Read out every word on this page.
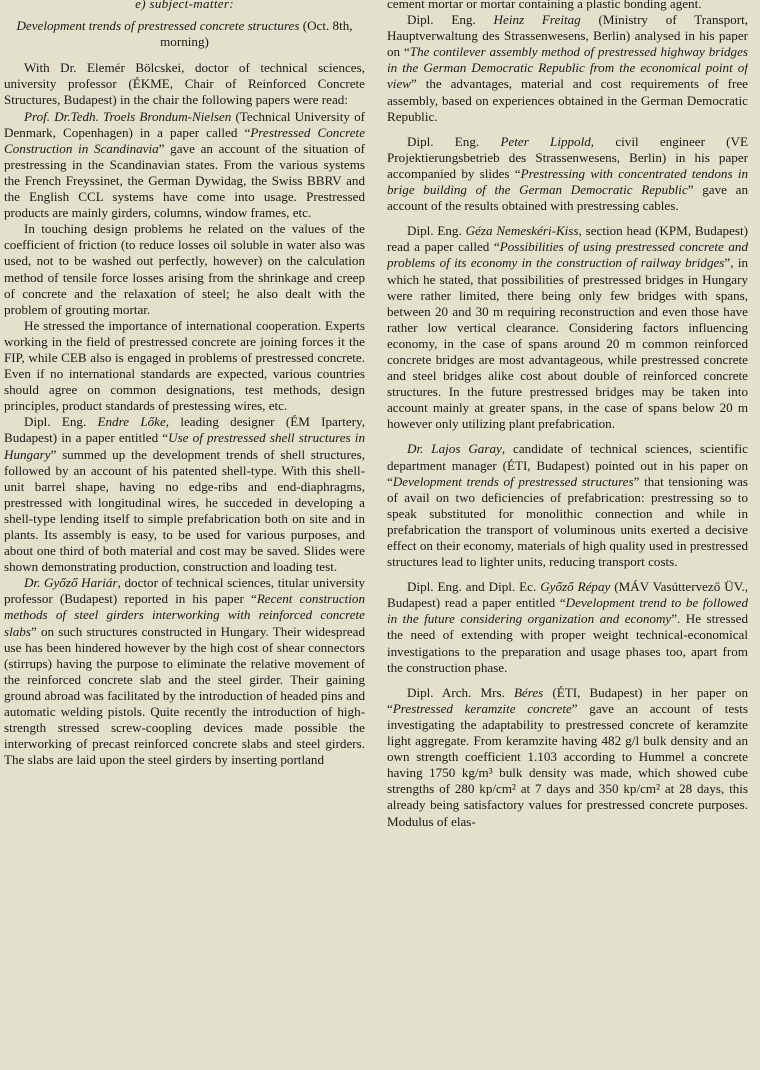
e) subject-matter:
Development trends of prestressed concrete structures (Oct. 8th, morning)

With Dr. Elemér Bölcskei, doctor of technical sciences, university professor (ÉKME, Chair of Reinforced Concrete Structures, Budapest) in the chair the following papers were read:

Prof. Dr.Tedh. Troels Brondum-Nielsen (Technical University of Denmark, Copenhagen) in a paper called “Prestressed Concrete Construction in Scandinavia” gave an account of the situation of prestressing in the Scandinavian states. From the various systems the French Freyssinet, the German Dywidag, the Swiss BBRV and the English CCL systems have come into usage. Prestressed products are mainly girders, columns, window frames, etc.

In touching design problems he related on the values of the coefficient of friction (to reduce losses oil soluble in water also was used, not to be washed out perfectly, however) on the calculation method of tensile force losses arising from the shrinkage and creep of concrete and the relaxation of steel; he also dealt with the problem of grouting mortar.

He stressed the importance of international cooperation. Experts working in the field of prestressed concrete are joining forces it the FIP, while CEB also is engaged in problems of prestressed concrete. Even if no international standards are expected, various countries should agree on common designations, test methods, design principles, product standards of prestessing wires, etc.

Dipl. Eng. Endre Lőke, leading designer (ÉM Ipartery, Budapest) in a paper entitled “Use of prestressed shell structures in Hungary” summed up the development trends of shell structures, followed by an account of his patented shell-type. With this shell-unit barrel shape, having no edge-ribs and end-diaphragms, prestressed with longitudinal wires, he succeded in developing a shell-type lending itself to simple prefabrication both on site and in plants. Its assembly is easy, to be used for various purposes, and about one third of both material and cost may be saved. Slides were shown demonstrating production, construction and loading test.

Dr. Győző Hariár, doctor of technical sciences, titular university professor (Budapest) reported in his paper “Recent construction methods of steel girders interworking with reinforced concrete slabs” on such structures constructed in Hungary. Their widespread use has been hindered however by the high cost of shear connectors (stirrups) having the purpose to eliminate the relative movement of the reinforced concrete slab and the steel girder. Their gaining ground abroad was facilitated by the introduction of headed pins and automatic welding pistols. Quite recently the introduction of high-strength stressed screw-coopling devices made possible the interworking of precast reinforced concrete slabs and steel girders. The slabs are laid upon the steel girders by inserting portland

cement mortar or mortar containing a plastic bonding agent.

Dipl. Eng. Heinz Freitag (Ministry of Transport, Hauptverwaltung des Strassenwesens, Berlin) analysed in his paper on “The contilever assembly method of prestressed highway bridges in the German Democratic Republic from the economical point of view” the advantages, material and cost requirements of free assembly, based on experiences obtained in the German Democratic Republic.

Dipl. Eng. Peter Lippold, civil engineer (VE Projektierungsbetrieb des Strassenwesens, Berlin) in his paper accompanied by slides “Prestressing with concentrated tendons in brige building of the German Democratic Republic” gave an account of the results obtained with prestressing cables.

Dipl. Eng. Géza Nemeskéri-Kiss, section head (KPM, Budapest) read a paper called “Possibilities of using prestressed concrete and problems of its economy in the construction of railway bridges”, in which he stated, that possibilities of prestressed bridges in Hungary were rather limited, there being only few bridges with spans, between 20 and 30 m requiring reconstruction and even those have rather low vertical clearance. Considering factors influencing economy, in the case of spans around 20 m common reinforced concrete bridges are most advantageous, while prestressed concrete and steel bridges alike cost about double of reinforced concrete structures. In the future prestressed bridges may be taken into account mainly at greater spans, in the case of spans below 20 m however only utilizing plant prefabrication.

Dr. Lajos Garay, candidate of technical sciences, scientific department manager (ÉTI, Budapest) pointed out in his paper on “Development trends of prestressed structures” that tensioning was of avail on two deficiencies of prefabrication: prestressing so to speak substituted for monolithic connection and while in prefabrication the transport of voluminous units exerted a decisive effect on their economy, materials of high quality used in prestressed structures lead to lighter units, reducing transport costs.

Dipl. Eng. and Dipl. Ec. Győző Répay (MÁV Vasúttervező ÜV., Budapest) read a paper entitled “Development trend to be followed in the future considering organization and economy”. He stressed the need of extending with proper weight technical-economical investigations to the preparation and usage phases too, apart from the construction phase.

Dipl. Arch. Mrs. Béres (ÉTI, Budapest) in her paper on “Prestressed keramzite concrete” gave an account of tests investigating the adaptability to prestressed concrete of keramzite light aggregate. From keramzite having 482 g/l bulk density and an own strength coefficient 1.103 according to Hummel a concrete having 1750 kg/m³ bulk density was made, which showed cube strengths of 280 kp/cm² at 7 days and 350 kp/cm² at 28 days, this already being satisfactory values for prestressed concrete purposes. Modulus of elas-
